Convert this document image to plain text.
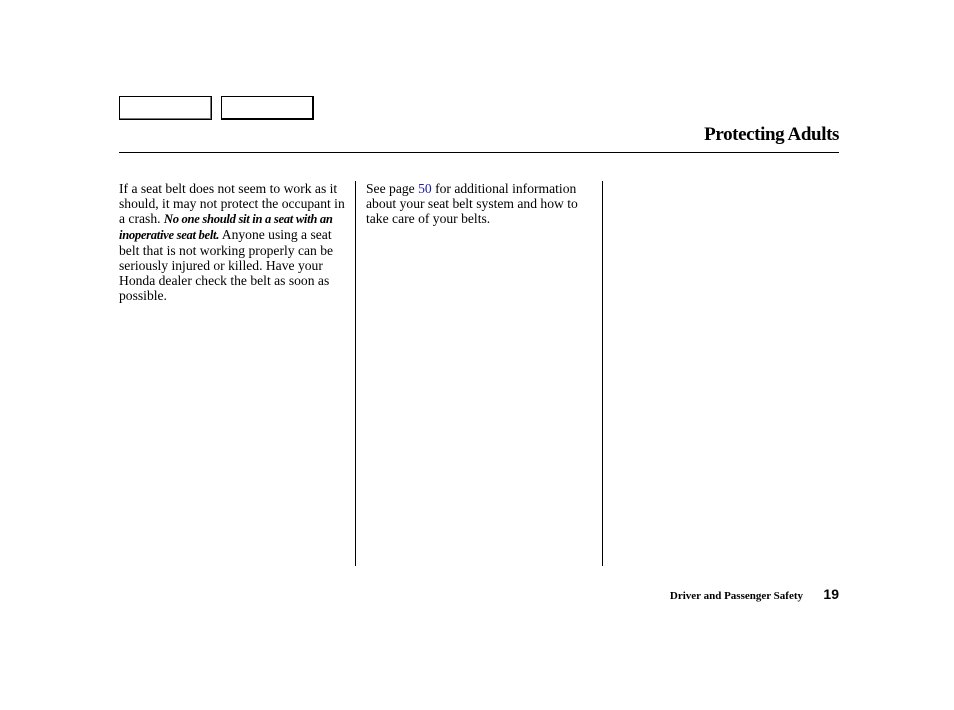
Protecting Adults

If a seat belt does not seem to work as it should, it may not protect the occupant in a crash. No one should sit in a seat with an inoperative seat belt. Anyone using a seat belt that is not working properly can be seriously injured or killed. Have your Honda dealer check the belt as soon as possible.

See page 50 for additional information about your seat belt system and how to take care of your belts.

Driver and Passenger Safety 19
